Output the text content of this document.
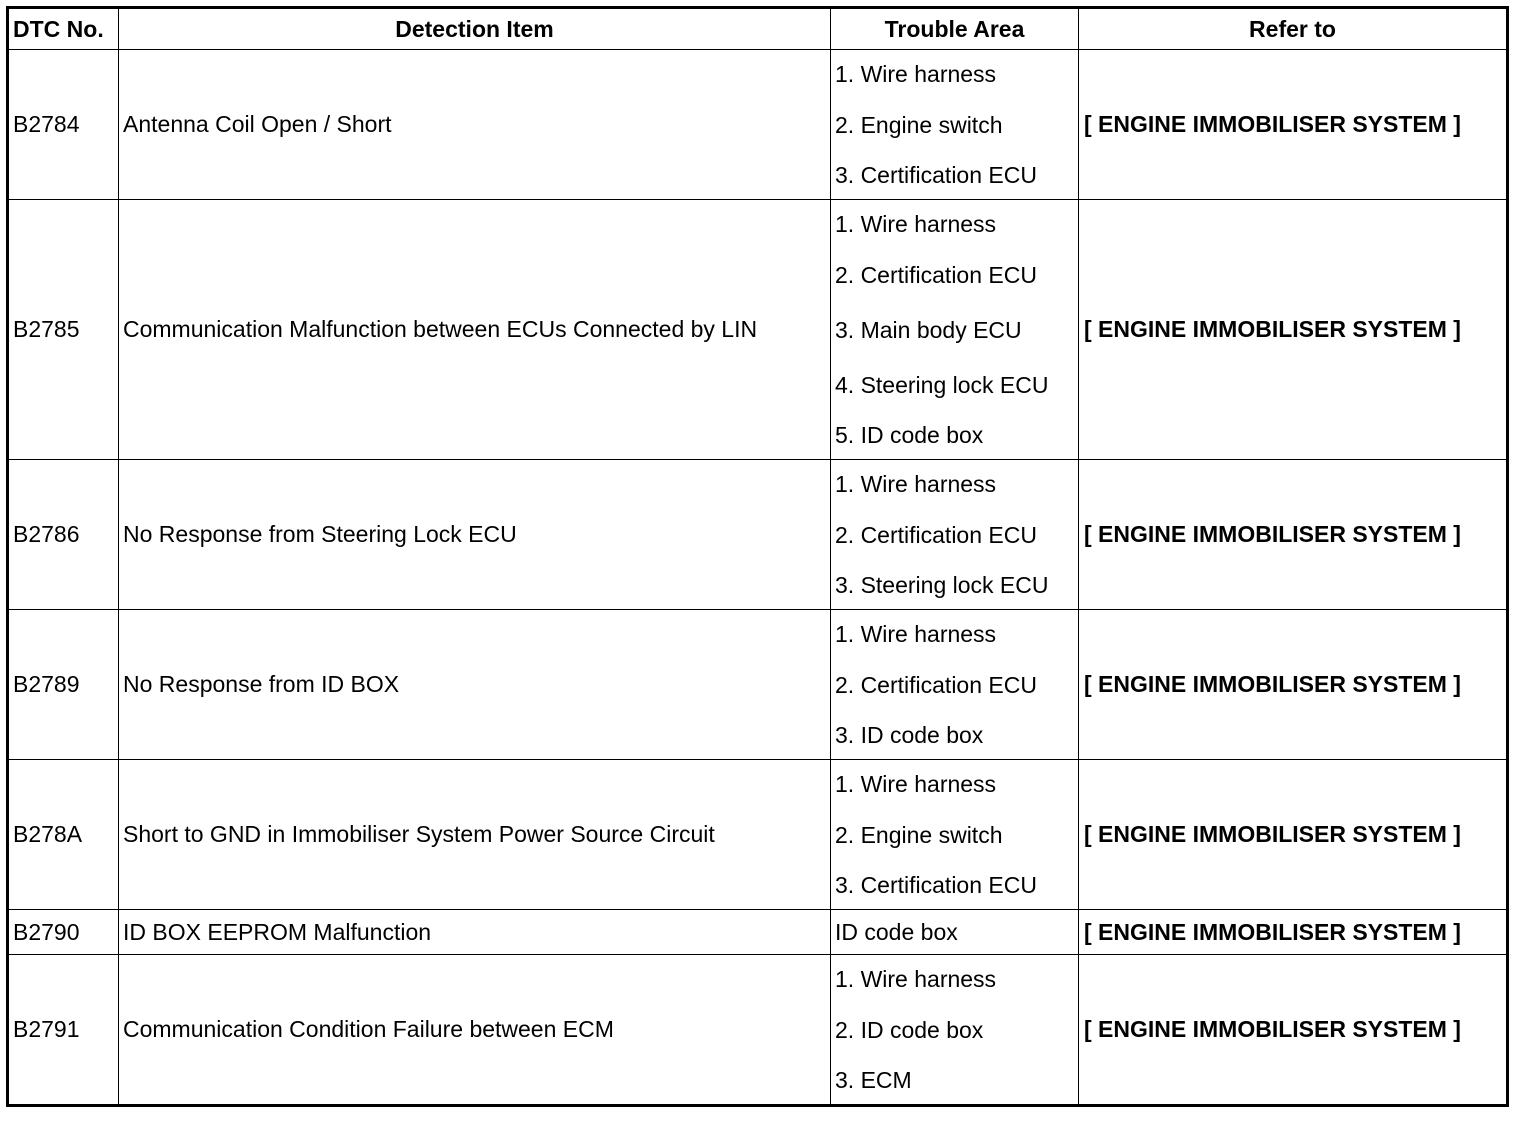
DTC No.	Detection Item	Trouble Area	Refer to
B2784	Antenna Coil Open / Short	1. Wire harness
2. Engine switch
3. Certification ECU	[ ENGINE IMMOBILISER SYSTEM ]
B2785	Communication Malfunction between ECUs Connected by LIN	1. Wire harness
2. Certification ECU
3. Main body ECU
4. Steering lock ECU
5. ID code box	[ ENGINE IMMOBILISER SYSTEM ]
B2786	No Response from Steering Lock ECU	1. Wire harness
2. Certification ECU
3. Steering lock ECU	[ ENGINE IMMOBILISER SYSTEM ]
B2789	No Response from ID BOX	1. Wire harness
2. Certification ECU
3. ID code box	[ ENGINE IMMOBILISER SYSTEM ]
B278A	Short to GND in Immobiliser System Power Source Circuit	1. Wire harness
2. Engine switch
3. Certification ECU	[ ENGINE IMMOBILISER SYSTEM ]
B2790	ID BOX EEPROM Malfunction	ID code box	[ ENGINE IMMOBILISER SYSTEM ]
B2791	Communication Condition Failure between ECM	1. Wire harness
2. ID code box
3. ECM	[ ENGINE IMMOBILISER SYSTEM ]
